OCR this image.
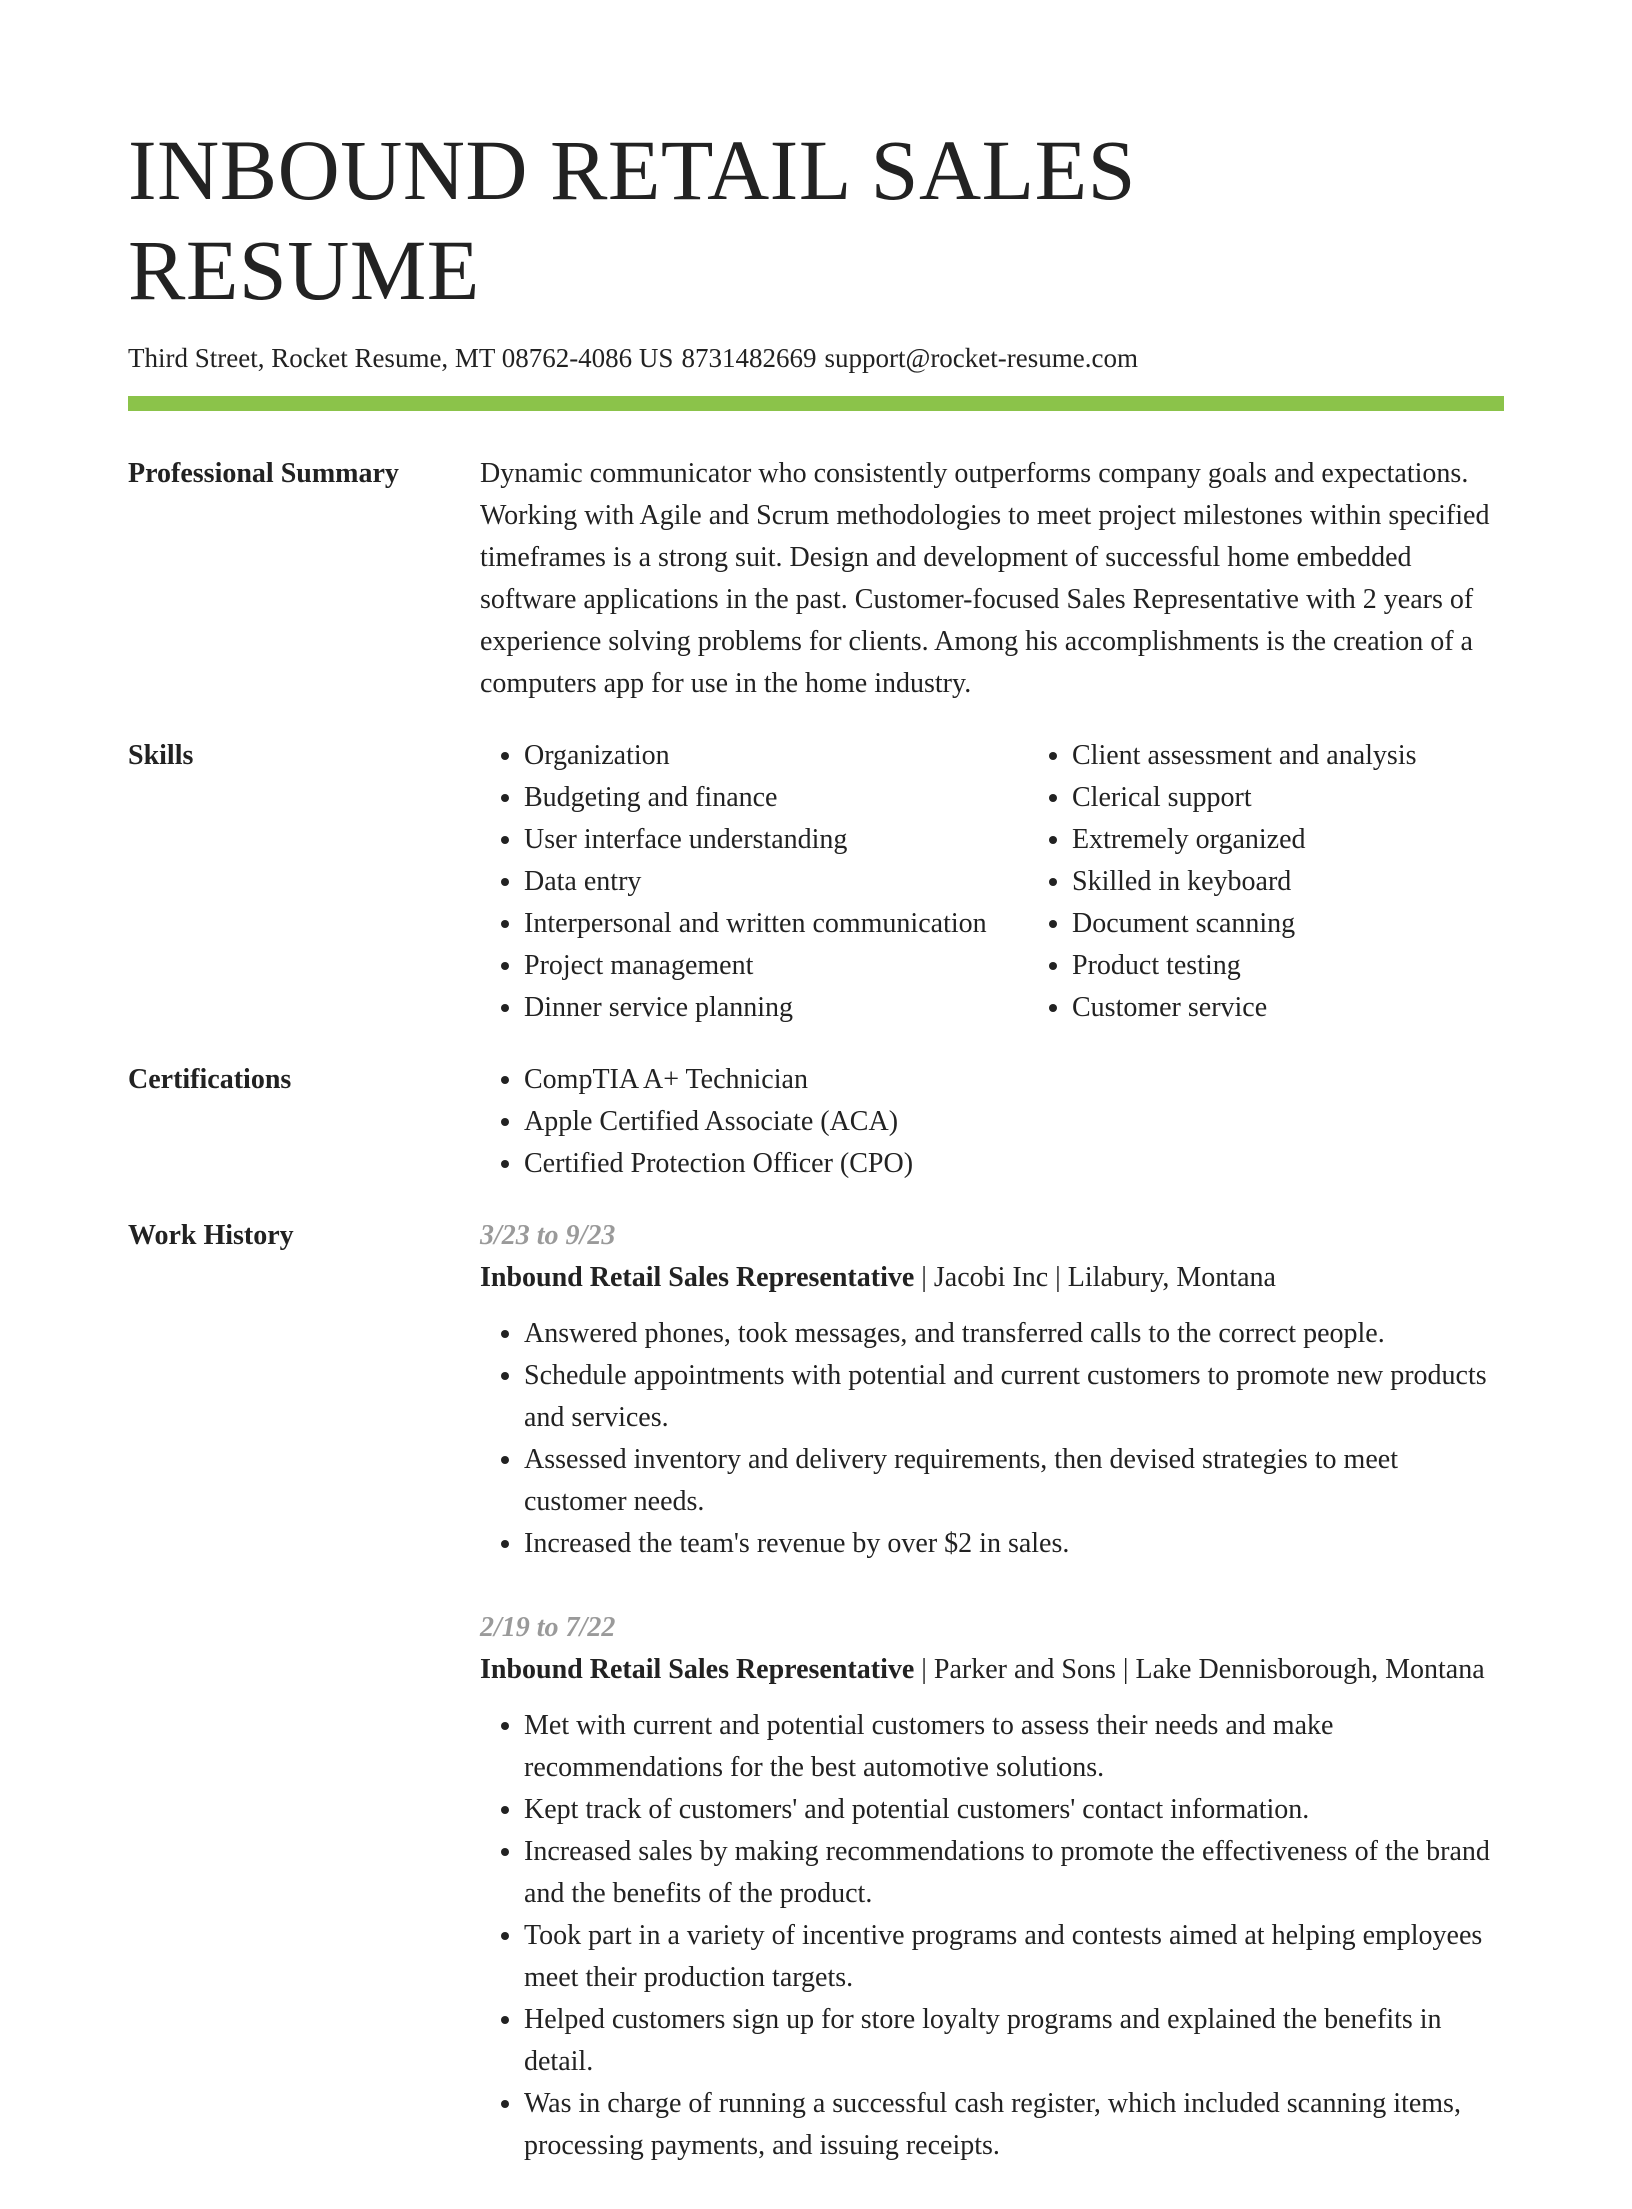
INBOUND RETAIL SALES RESUME
Third Street, Rocket Resume, MT 08762-4086 US 8731482669 support@rocket-resume.com
Professional Summary	Dynamic communicator who consistently outperforms company goals and expectations. Working with Agile and Scrum methodologies to meet project milestones within specified timeframes is a strong suit. Design and development of successful home embedded software applications in the past. Customer-focused Sales Representative with 2 years of experience solving problems for clients. Among his accomplishments is the creation of a computers app for use in the home industry.

Skills	• Organization
• Budgeting and finance
• User interface understanding
• Data entry
• Interpersonal and written communication
• Project management
• Dinner service planning
• Client assessment and analysis
• Clerical support
• Extremely organized
• Skilled in keyboard
• Document scanning
• Product testing
• Customer service
Certifications	• CompTIA A+ Technician
• Apple Certified Associate (ACA)
• Certified Protection Officer (CPO)
Work History	3/23 to 9/23
Inbound Retail Sales Representative | Jacobi Inc | Lilabury, Montana
• Answered phones, took messages, and transferred calls to the correct people.
• Schedule appointments with potential and current customers to promote new products and services.
• Assessed inventory and delivery requirements, then devised strategies to meet customer needs.
• Increased the team's revenue by over $2 in sales.
2/19 to 7/22
Inbound Retail Sales Representative | Parker and Sons | Lake Dennisborough, Montana
• Met with current and potential customers to assess their needs and make recommendations for the best automotive solutions.
• Kept track of customers' and potential customers' contact information.
• Increased sales by making recommendations to promote the effectiveness of the brand and the benefits of the product.
• Took part in a variety of incentive programs and contests aimed at helping employees meet their production targets.
• Helped customers sign up for store loyalty programs and explained the benefits in detail.
• Was in charge of running a successful cash register, which included scanning items, processing payments, and issuing receipts.
